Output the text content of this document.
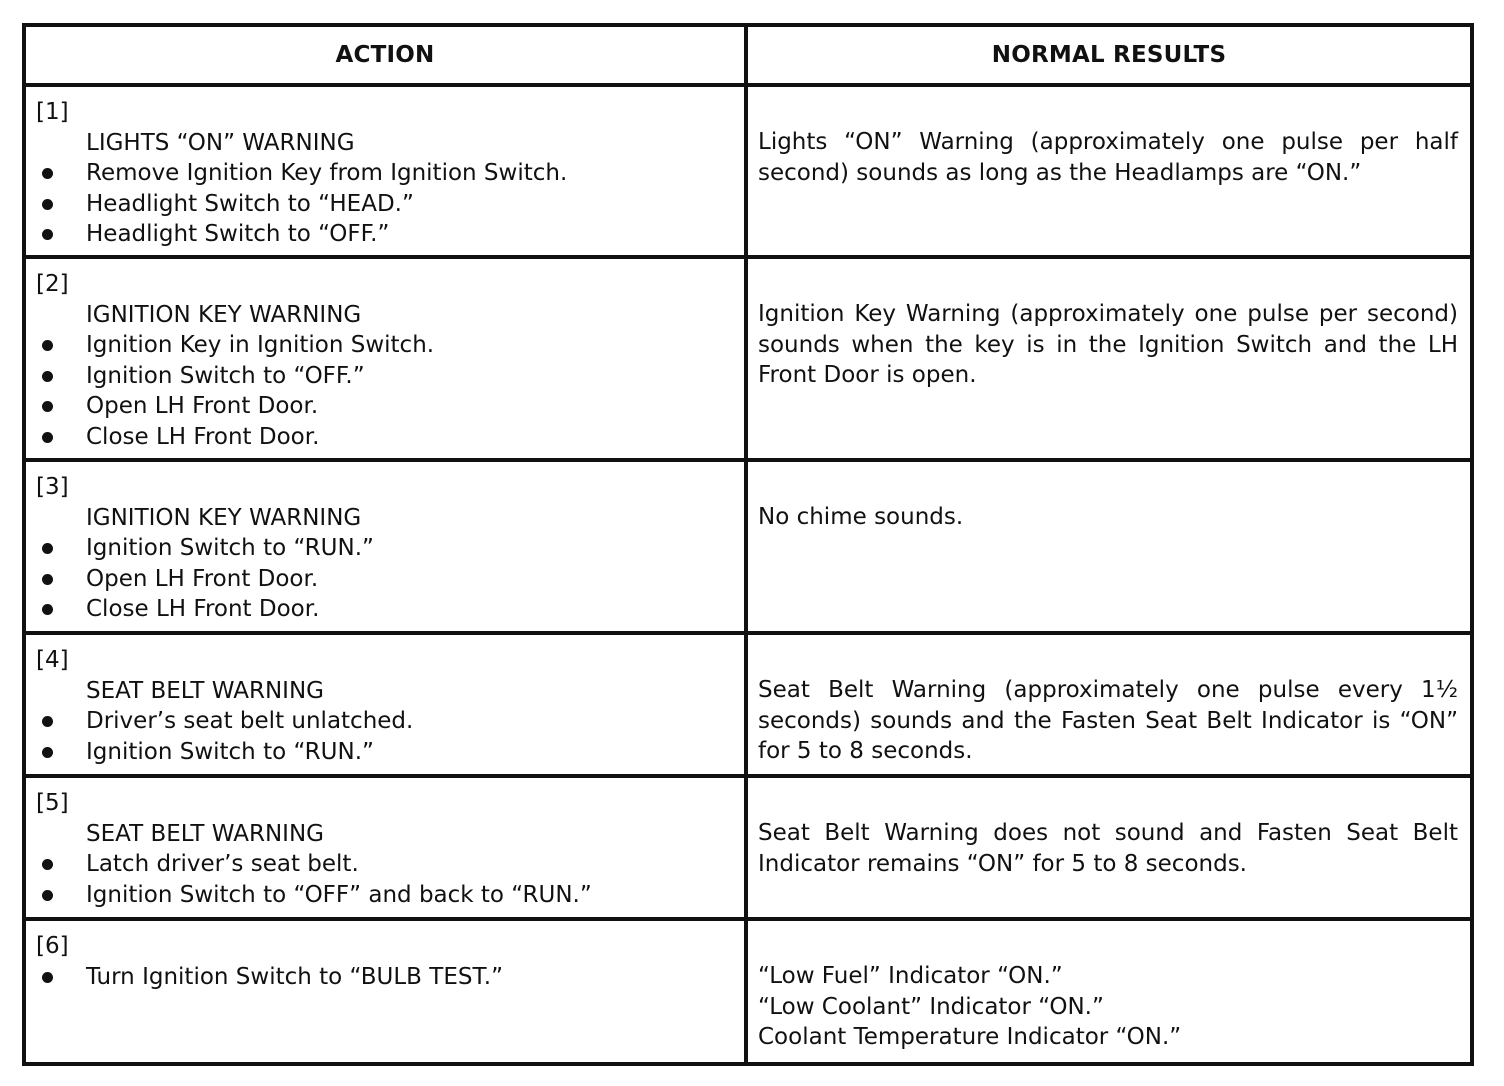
ACTION	NORMAL RESULTS
[1]
LIGHTS “ON” WARNING
Remove Ignition Key from Ignition Switch.
Headlight Switch to “HEAD.”
Headlight Switch to “OFF.”
Lights “ON” Warning (approximately one pulse per half second) sounds as long as the Headlamps are “ON.”
[2]
IGNITION KEY WARNING
Ignition Key in Ignition Switch.
Ignition Switch to “OFF.”
Open LH Front Door.
Close LH Front Door.
Ignition Key Warning (approximately one pulse per second) sounds when the key is in the Ignition Switch and the LH Front Door is open.
[3]
IGNITION KEY WARNING
Ignition Switch to “RUN.”
Open LH Front Door.
Close LH Front Door.
No chime sounds.
[4]
SEAT BELT WARNING
Driver’s seat belt unlatched.
Ignition Switch to “RUN.”
Seat Belt Warning (approximately one pulse every 1½ seconds) sounds and the Fasten Seat Belt Indicator is “ON” for 5 to 8 seconds.
[5]
SEAT BELT WARNING
Latch driver’s seat belt.
Ignition Switch to “OFF” and back to “RUN.”
Seat Belt Warning does not sound and Fasten Seat Belt Indicator remains “ON” for 5 to 8 seconds.
[6]
Turn Ignition Switch to “BULB TEST.”	“Low Fuel” Indicator “ON.”
“Low Coolant” Indicator “ON.”
Coolant Temperature Indicator “ON.”
